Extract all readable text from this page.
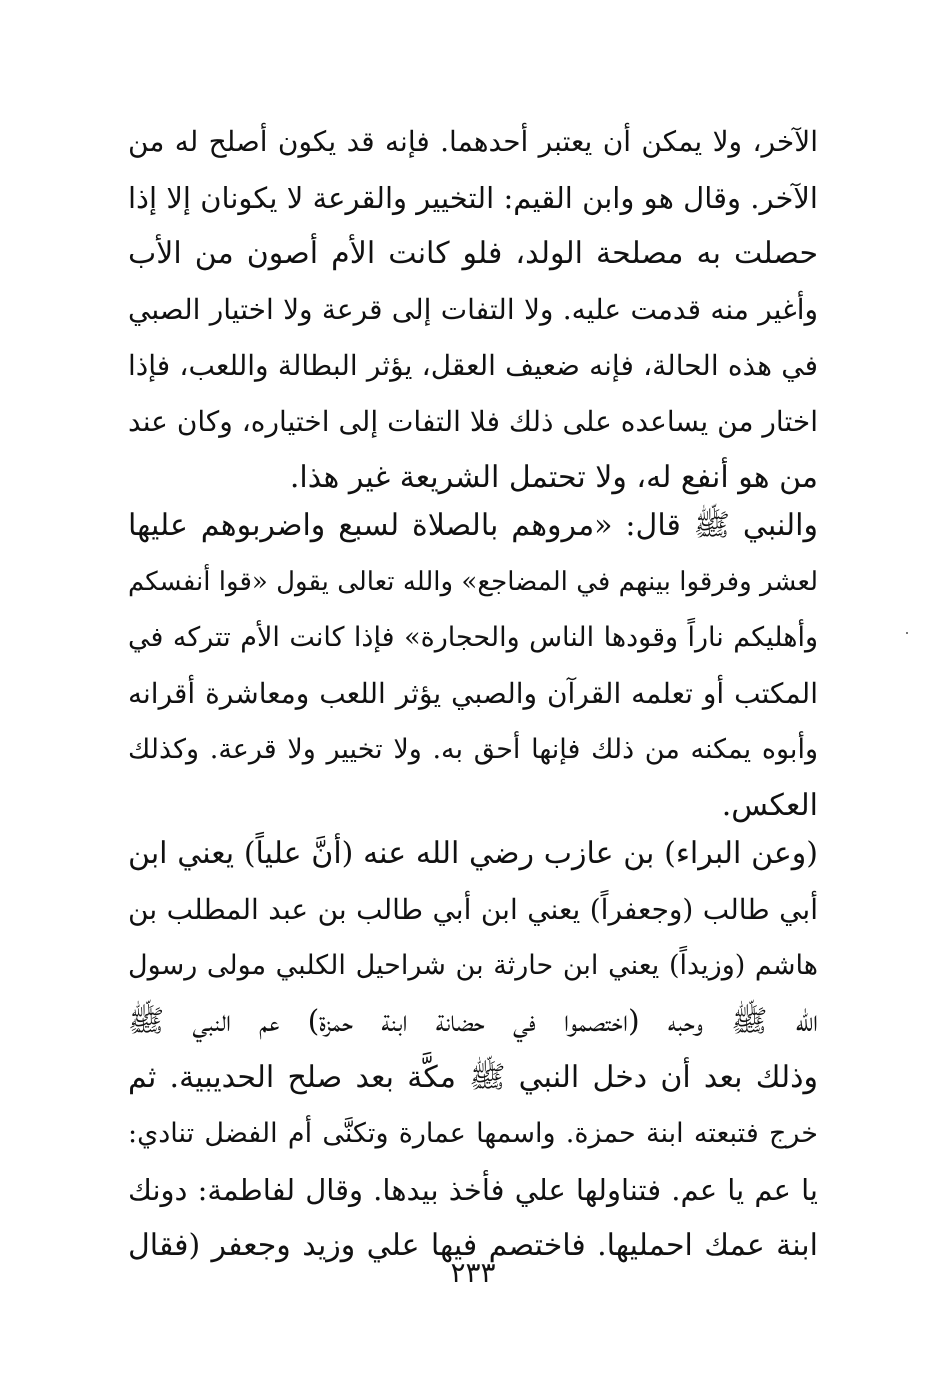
الآخر، ولا يمكن أن يعتبر أحدهما. فإنه قد يكون أصلح له من
الآخر. وقال هو وابن القيم: التخيير والقرعة لا يكونان إلا إذا
حصلت به مصلحة الولد، فلو كانت الأم أصون من الأب
وأغير منه قدمت عليه. ولا التفات إلى قرعة ولا اختيار الصبي
في هذه الحالة، فإنه ضعيف العقل، يؤثر البطالة واللعب، فإذا
اختار من يساعده على ذلك فلا التفات إلى اختياره، وكان عند
من هو أنفع له، ولا تحتمل الشريعة غير هذا.
والنبي ﷺ قال: «مروهم بالصلاة لسبع واضربوهم عليها
لعشر وفرقوا بينهم في المضاجع» والله تعالى يقول «قوا أنفسكم
وأهليكم ناراً وقودها الناس والحجارة» فإذا كانت الأم تتركه في
المكتب أو تعلمه القرآن والصبي يؤثر اللعب ومعاشرة أقرانه
وأبوه يمكنه من ذلك فإنها أحق به. ولا تخيير ولا قرعة. وكذلك
العكس.
(وعن البراء) بن عازب رضي الله عنه (أنَّ علياً) يعني ابن
أبي طالب (وجعفراً) يعني ابن أبي طالب بن عبد المطلب بن
هاشم (وزيداً) يعني ابن حارثة بن شراحيل الكلبي مولى رسول
الله ﷺ وحبه (اختصموا في حضانة ابنة حمزة) عم النبي ﷺ
وذلك بعد أن دخل النبي ﷺ مكَّة بعد صلح الحديبية. ثم
خرج فتبعته ابنة حمزة. واسمها عمارة وتكنَّى أم الفضل تنادي:
يا عم يا عم. فتناولها علي فأخذ بيدها. وقال لفاطمة: دونك
ابنة عمك احمليها. فاختصم فيها علي وزيد وجعفر (فقال
٢٣٣
